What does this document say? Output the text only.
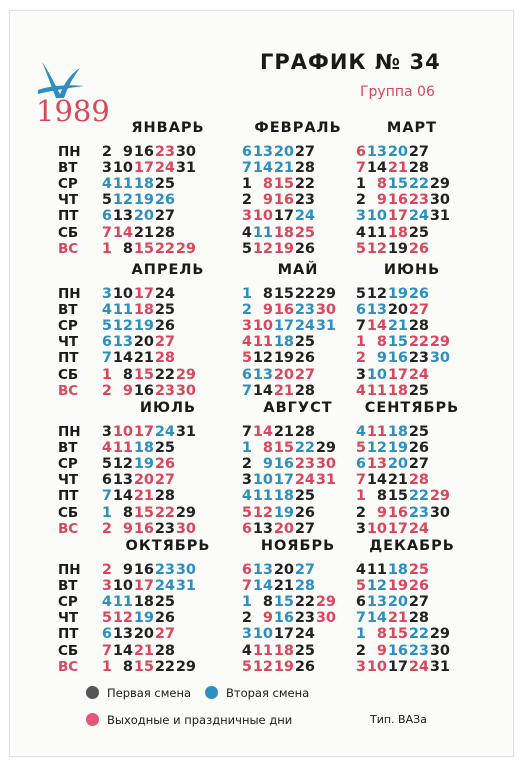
1989
ГРАФИК № 34
Группа 06
ЯНВАРЬ
ПН
ВТ
СР
ЧТ
ПТ
СБ
ВС
2 9 16 23 30
3 10 17 24 31
4 11 18 25
5 12 19 26
6 13 20 27
7 14 21 28
1 8 15 22 29
ФЕВРАЛЬ
6 13 20 27
7 14 21 28
1 8 15 22
2 9 16 23
3 10 17 24
4 11 18 25
5 12 19 26
МАРТ
6 13 20 27
7 14 21 28
1 8 15 22 29
2 9 16 23 30
3 10 17 24 31
4 11 18 25
5 12 19 26
АПРЕЛЬ
ПН
ВТ
СР
ЧТ
ПТ
СБ
ВС
3 10 17 24
4 11 18 25
5 12 19 26
6 13 20 27
7 14 21 28
1 8 15 22 29
2 9 16 23 30
МАЙ
1 8 15 22 29
2 9 16 23 30
3 10 17 24 31
4 11 18 25
5 12 19 26
6 13 20 27
7 14 21 28
ИЮНЬ
5 12 19 26
6 13 20 27
7 14 21 28
1 8 15 22 29
2 9 16 23 30
3 10 17 24
4 11 18 25
ИЮЛЬ
ПН
ВТ
СР
ЧТ
ПТ
СБ
ВС
3 10 17 24 31
4 11 18 25
5 12 19 26
6 13 20 27
7 14 21 28
1 8 15 22 29
2 9 16 23 30
АВГУСТ
7 14 21 28
1 8 15 22 29
2 9 16 23 30
3 10 17 24 31
4 11 18 25
5 12 19 26
6 13 20 27
СЕНТЯБРЬ
4 11 18 25
5 12 19 26
6 13 20 27
7 14 21 28
1 8 15 22 29
2 9 16 23 30
3 10 17 24
ОКТЯБРЬ
ПН
ВТ
СР
ЧТ
ПТ
СБ
ВС
2 9 16 23 30
3 10 17 24 31
4 11 18 25
5 12 19 26
6 13 20 27
7 14 21 28
1 8 15 22 29
НОЯБРЬ
6 13 20 27
7 14 21 28
1 8 15 22 29
2 9 16 23 30
3 10 17 24
4 11 18 25
5 12 19 26
ДЕКАБРЬ
4 11 18 25
5 12 19 26
6 13 20 27
7 14 21 28
1 8 15 22 29
2 9 16 23 30
3 10 17 24 31
Первая смена	Вторая смена
Выходные и праздничные дни	Тип. ВАЗа
